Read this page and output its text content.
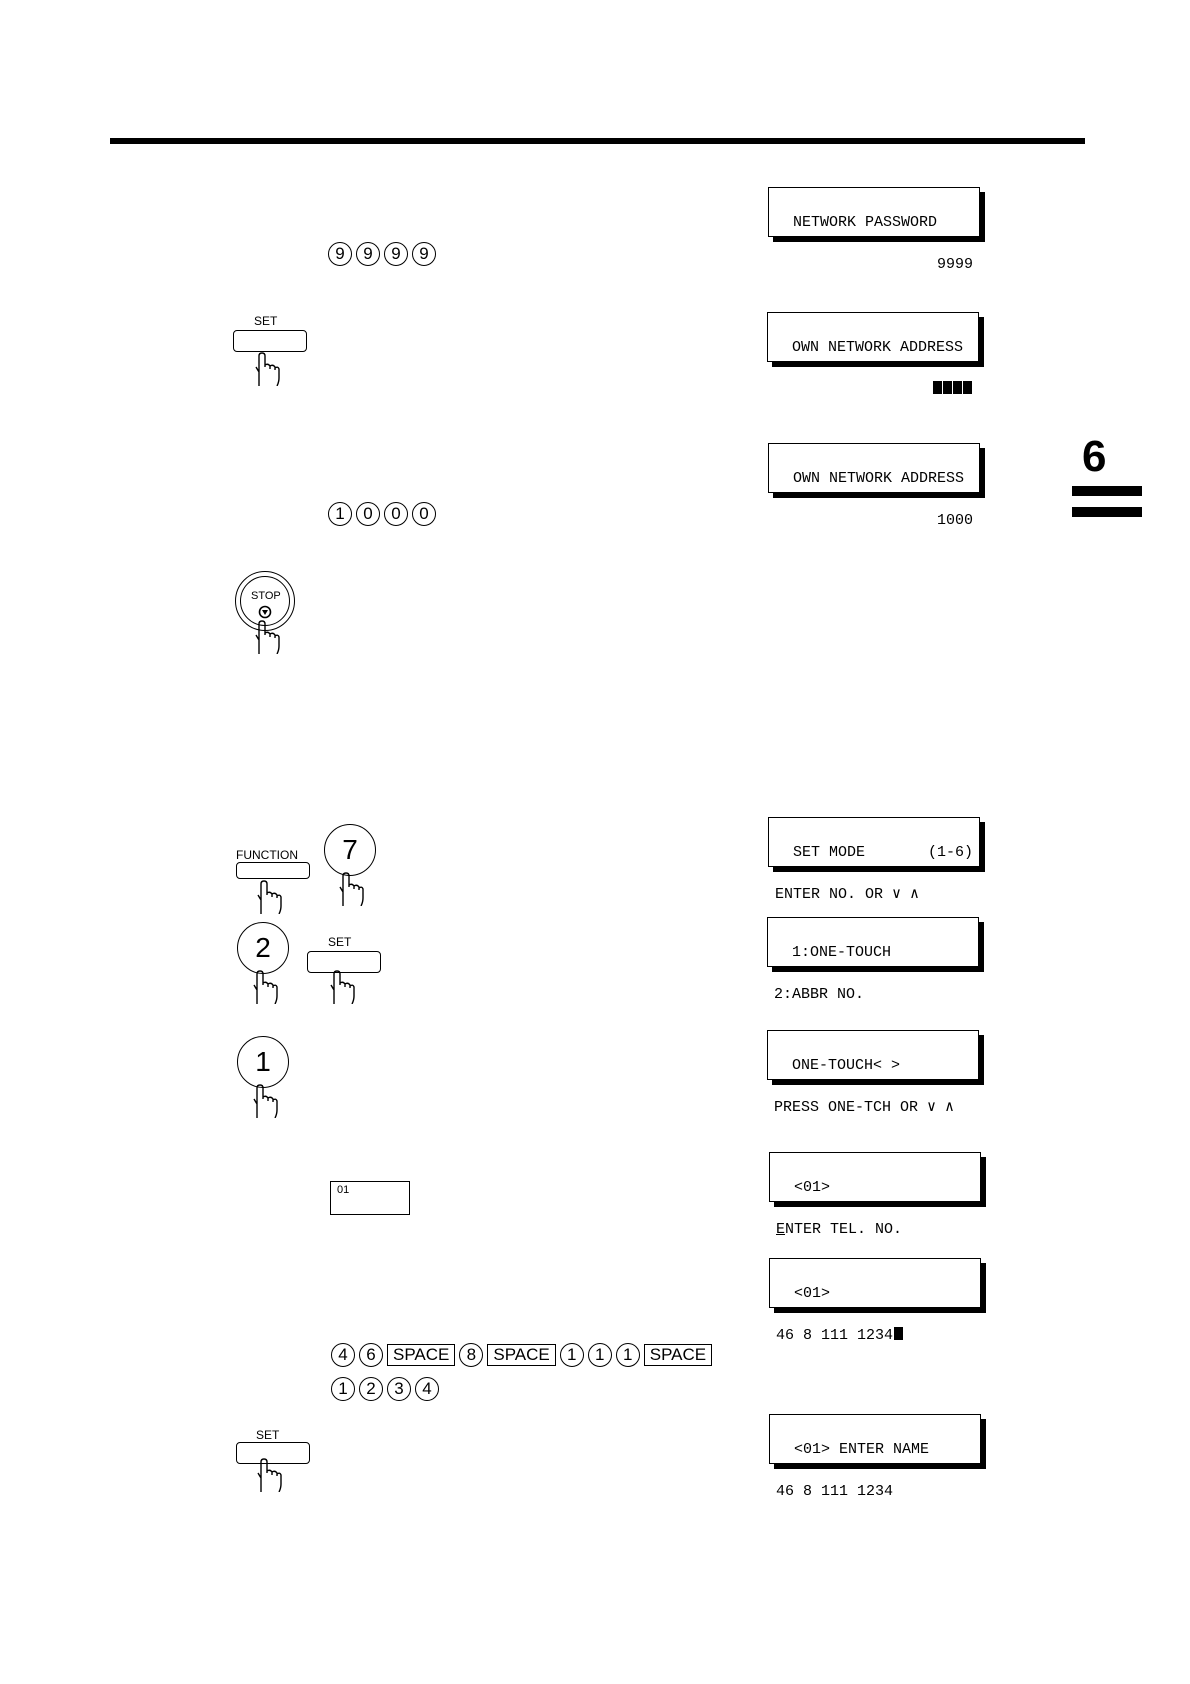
6

NETWORK PASSWORD

9999

OWN NETWORK ADDRESS

OWN NETWORK ADDRESS

1000

SET MODE       (1-6)

ENTER NO. OR ∨ ∧

1:ONE-TOUCH

2:ABBR NO.

ONE-TOUCH< >

PRESS ONE-TCH OR ∨ ∧

<01>

ENTER TEL. NO.

<01>

46 8 111 1234

<01> ENTER NAME

46 8 111 1234

9	9	9	9
1	0	0	0
4	6	SPACE	8	SPACE	1	1	1	SPACE
1	2	3	4
SET
STOP
FUNCTION	7
2	SET
1
01
SET
